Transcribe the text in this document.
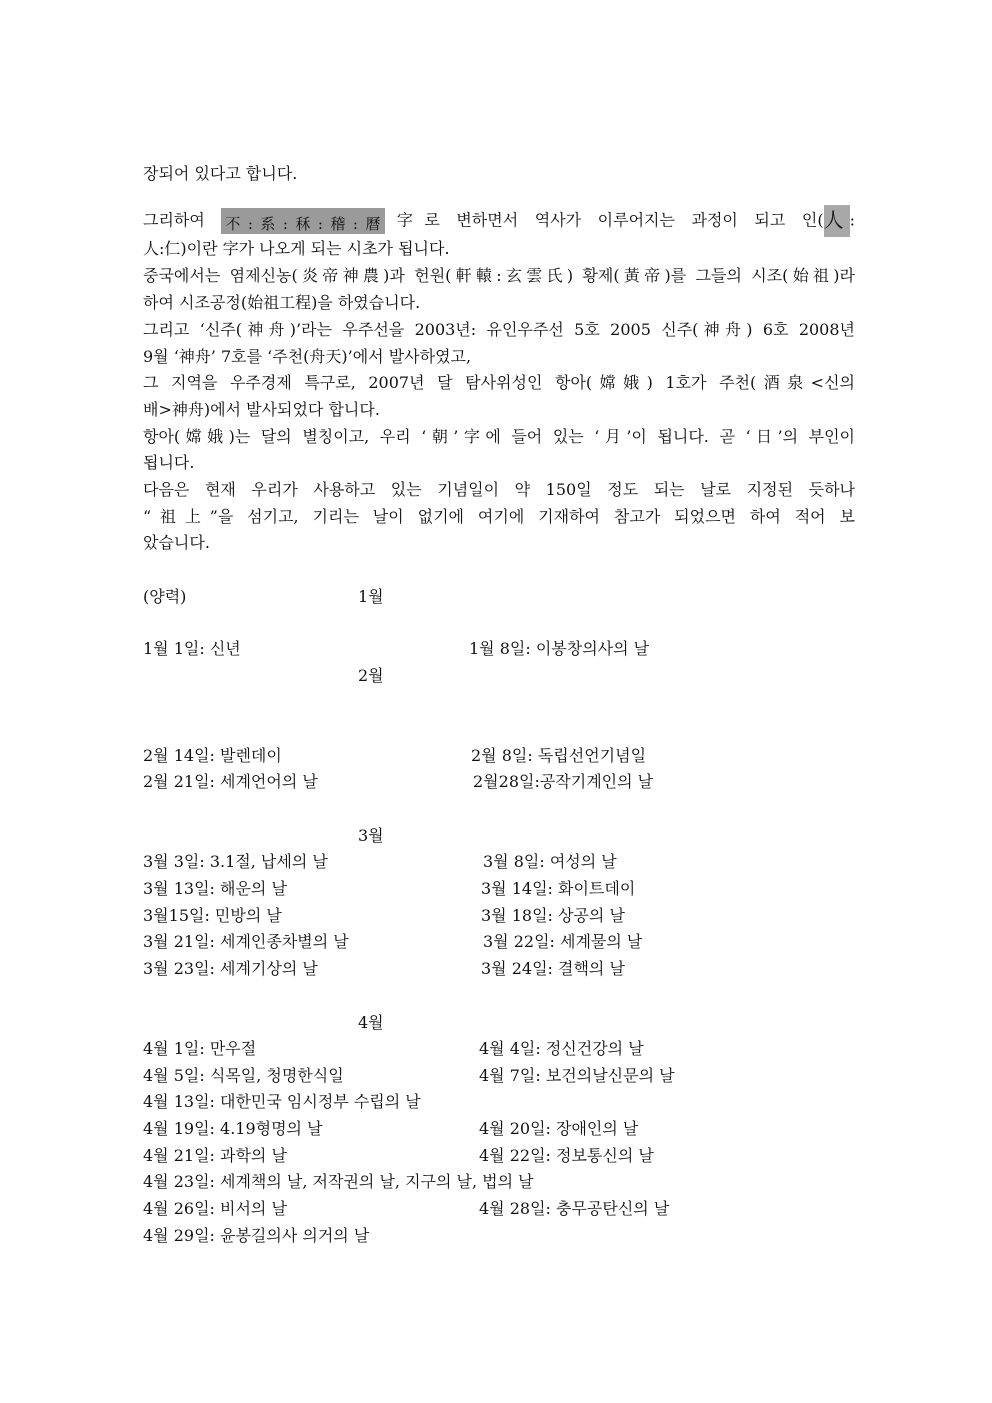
장되어 있다고 합니다.
그리하여 不:系:秝:稽:曆 字로 변하면서 역사가 이루어지는 과정이 되고 인(人 :
人:仁)이란 字가 나오게 되는 시초가 됩니다.
중국에서는 염제신농(炎帝神農)과 헌원(軒轅:玄雲氏) 황제(黃帝)를 그들의 시조(始祖)라
하여 시조공정(始祖工程)을 하였습니다.
그리고 ‘신주(神舟)’라는 우주선을 2003년: 유인우주선 5호 2005 신주(神舟) 6호 2008년
9월 ‘神舟’ 7호를 ‘주천(舟天)’에서 발사하였고,
그 지역을 우주경제 특구로, 2007년 달 탐사위성인 항아(嫦娥) 1호가 주천(酒泉<신의
배>神舟)에서 발사되었다 합니다.
항아(嫦娥)는 달의 별칭이고, 우리 ‘朝’字에 들어 있는 ‘月’이 됩니다. 곧 ‘日’의 부인이
됩니다.
다음은 현재 우리가 사용하고 있는 기념일이 약 150일 정도 되는 날로 지정된 듯하나
“祖上”을 섬기고, 기리는 날이 없기에 여기에 기재하여 참고가 되었으면 하여 적어 보
았습니다.
(양력)	1월
1월 1일: 신년	1월 8일: 이봉창의사의 날
2월
2월 14일: 발렌데이	2월 8일: 독립선언기념일
2월 21일: 세계언어의 날	2월28일:공작기계인의 날
3월
3월 3일: 3.1절, 납세의 날	3월 8일: 여성의 날
3월 13일: 해운의 날	3월 14일: 화이트데이
3월15일: 민방의 날	3월 18일: 상공의 날
3월 21일: 세계인종차별의 날	3월 22일: 세계물의 날
3월 23일: 세계기상의 날	3월 24일: 결핵의 날
4월
4월 1일: 만우절	4월 4일: 정신건강의 날
4월 5일: 식목일, 청명한식일	4월 7일: 보건의날신문의 날
4월 13일: 대한민국 임시정부 수립의 날
4월 19일: 4.19형명의 날	4월 20일: 장애인의 날
4월 21일: 과학의 날	4월 22일: 정보통신의 날
4월 23일: 세계책의 날, 저작권의 날, 지구의 날, 법의 날
4월 26일: 비서의 날	4월 28일: 충무공탄신의 날
4월 29일: 윤봉길의사 의거의 날
